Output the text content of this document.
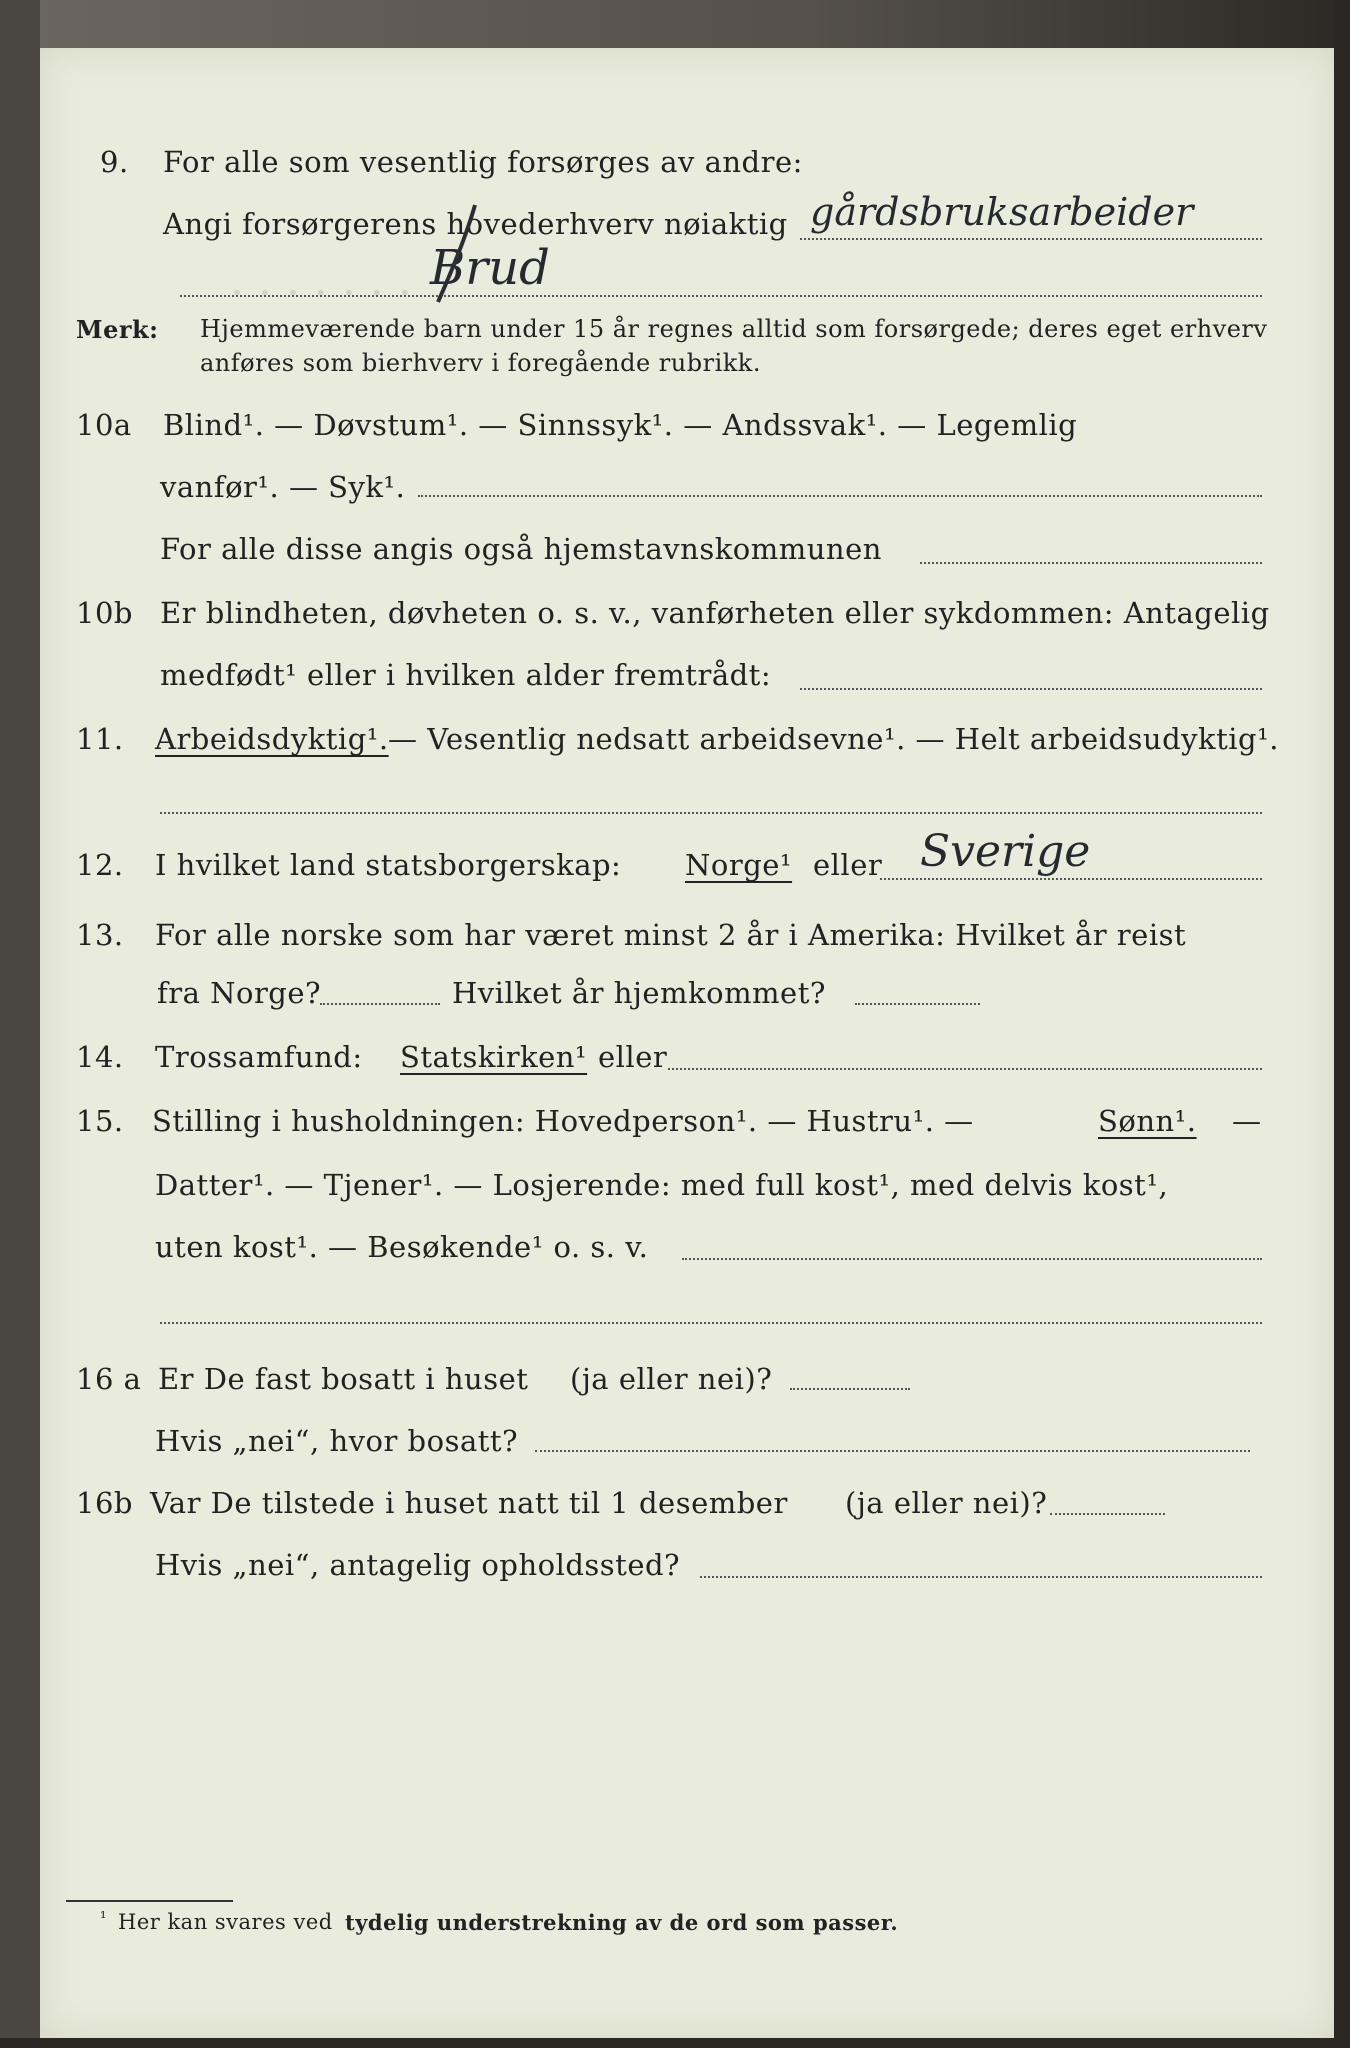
· · · · · · ·
9. For alle som vesentlig forsørges av andre:
Angi forsørgerens hovederhverv nøiaktig gårdsbruksarbeider
Brud
Merk: Hjemmeværende barn under 15 år regnes alltid som forsørgede; deres eget erhverv
anføres som bierhverv i foregående rubrikk.
10a Blind¹. — Døvstum¹. — Sinnssyk¹. — Andssvak¹. — Legemlig
vanfør¹. — Syk¹.
For alle disse angis også hjemstavnskommunen
10b Er blindheten, døvheten o. s. v., vanførheten eller sykdommen: Antagelig
medfødt¹ eller i hvilken alder fremtrådt:
11. Arbeidsdyktig¹. — Vesentlig nedsatt arbeidsevne¹. — Helt arbeidsudyktig¹.
12. I hvilket land statsborgerskap: Norge¹ eller Sverige
13. For alle norske som har været minst 2 år i Amerika: Hvilket år reist
fra Norge?	Hvilket år hjemkommet?
14. Trossamfund: Statskirken¹ eller
15. Stilling i husholdningen: Hovedperson¹. — Hustru¹. —	Sønn¹. —
Datter¹. — Tjener¹. — Losjerende: med full kost¹, med delvis kost¹,
uten kost¹. — Besøkende¹ o. s. v.
16 a Er De fast bosatt i huset (ja eller nei)?
Hvis „nei“, hvor bosatt?
16b Var De tilstede i huset natt til 1 desember (ja eller nei)?
Hvis „nei“, antagelig opholdssted?
¹ Her kan svares ved tydelig understrekning av de ord som passer.
